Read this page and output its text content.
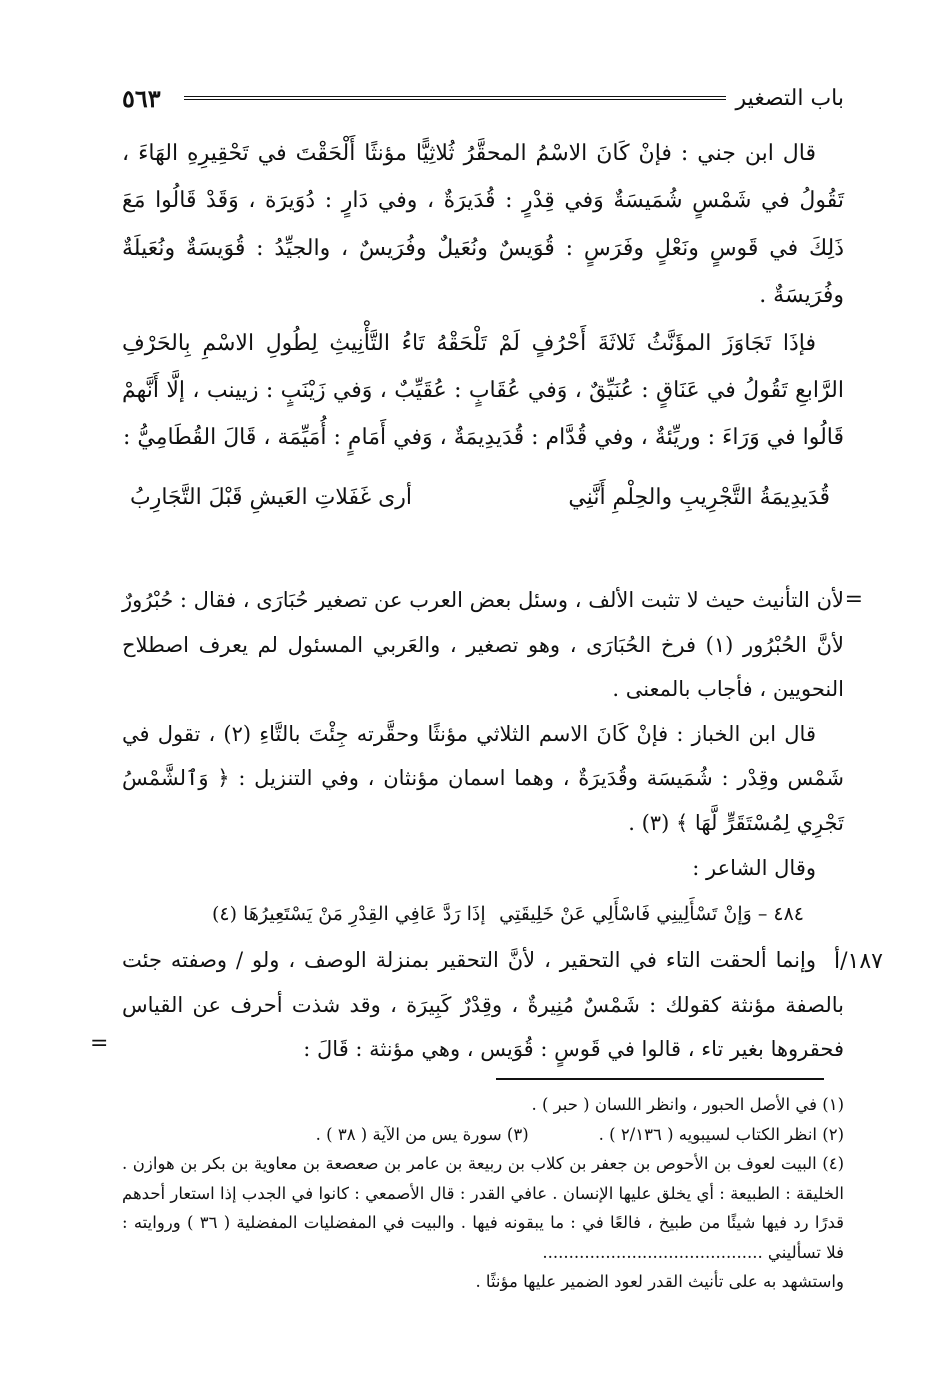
باب التصغير
٥٦٣

قال ابن جني : فإنْ كَانَ الاسْمُ المحقَّرُ ثُلاثِيًّا مؤنثًا أَلْحَقْتَ في تَحْقِيرِهِ الهَاءَ ، تَقُولُ في شَمْسٍ شُمَيسَةٌ وَفي قِدْرٍ : قُدَيرَةٌ ، وفي دَارٍ : دُوَيرَة ، وَقَدْ قَالُوا مَعَ ذَلِكَ في قَوسٍ ونَعْلٍ وفَرَسٍ : قُوَيسٌ ونُعَيلٌ وفُرَيسٌ ، والجيِّدُ : قُوَيسَةٌ ونُعَيلَةٌ وفُرَيسَةٌ .

فإذَا تَجَاوَزَ المؤَنَّثُ ثَلاثَةَ أَحْرُفٍ لَمْ تَلْحَقْهُ تَاءُ التَّأْنِيثِ لِطُولِ الاسْمِ بِالحَرْفِ الرَّابعِ تَقُولُ في عَنَاقٍ : عُنَيِّقٌ ، وَفي عُقَابٍ : عُقَيِّبٌ ، وَفي زَيْنَبٍ : زيينب ، إلَّا أَنَّهمْ قَالُوا في وَرَاءَ : وريِّئةٌ ، وفي قُدَّام : قُدَيدِيمَةٌ ، وَفي أَمَامٍ : أُمَيِّمَة ، قَالَ القُطَامِيُّ :

قُدَيدِيمَةُ التَّجْرِيبِ والحِلْمِ أَنَّنِي
أرى غَفَلاتِ العَيشِ قَبْلَ التَّجَارِبُ
=

لأن التأنيث حيث لا تثبت الألف ، وسئل بعض العرب عن تصغير حُبَارَى ، فقال : حُبْرُورٌ لأنَّ الحُبْرُور (١) فرخ الحُبَارَى ، وهو تصغير ، والعَربي المسئول لم يعرف اصطلاح النحويين ، فأجاب بالمعنى .

قال ابن الخباز : فإنْ كَانَ الاسم الثلاثي مؤنثًا وحقَّرته جِئْتَ بالتَّاءِ (٢) ، تقول في شَمْس وقِدْر : شُمَيسَة وقُدَيرَةٌ ، وهما اسمان مؤنثان ، وفي التنزيل : ﴿ وَٱلشَّمْسُ تَجْرِي لِمُسْتَقَرٍّ لَّهَا ﴾ (٣) .

وقال الشاعر :

٤٨٤ – وَإنْ تَسْأَلِينِي فَاسْأَلِي عَنْ خَلِيقَتِي
إذَا رَدَّ عَافِي القِدْرِ مَنْ يَسْتَعِيرُهَا (٤)

وإنما ألحقت التاء في التحقير ، لأنَّ التحقير بمنزلة الوصف ، ولو / وصفته جئت بالصفة مؤنثة كقولك : شَمْسٌ مُنِيرةٌ ، وقِدْرٌ كَبِيرَة ، وقد شذت أحرف عن القياس فحقروها بغير تاء ، قالوا في قَوسٍ : قُوَيس ، وهي مؤنثة : قَالَ :

١٨٧/أ
=

(١) في الأصل الحبور ، وانظر اللسان ( حبر ) .

(٢) انظر الكتاب لسيبويه ( ٢/١٣٦ ) .
(٣) سورة يس من الآية ( ٣٨ ) .

(٤) البيت لعوف بن الأحوص بن جعفر بن كلاب بن ربيعة بن عامر بن صعصعة بن معاوية بن بكر بن هوازن . الخليقة : الطبيعة : أي يخلق عليها الإنسان . عافي القدر : قال الأصمعي : كانوا في الجدب إذا استعار أحدهم قدرًا رد فيها شيئًا من طبيخ ، فالعًا في : ما يبقونه فيها . والبيت في المفضليات المفضلية ( ٣٦ ) وروايته : فلا تسأليني ..........................................

واستشهد به على تأنيث القدر لعود الضمير عليها مؤنثًا .
